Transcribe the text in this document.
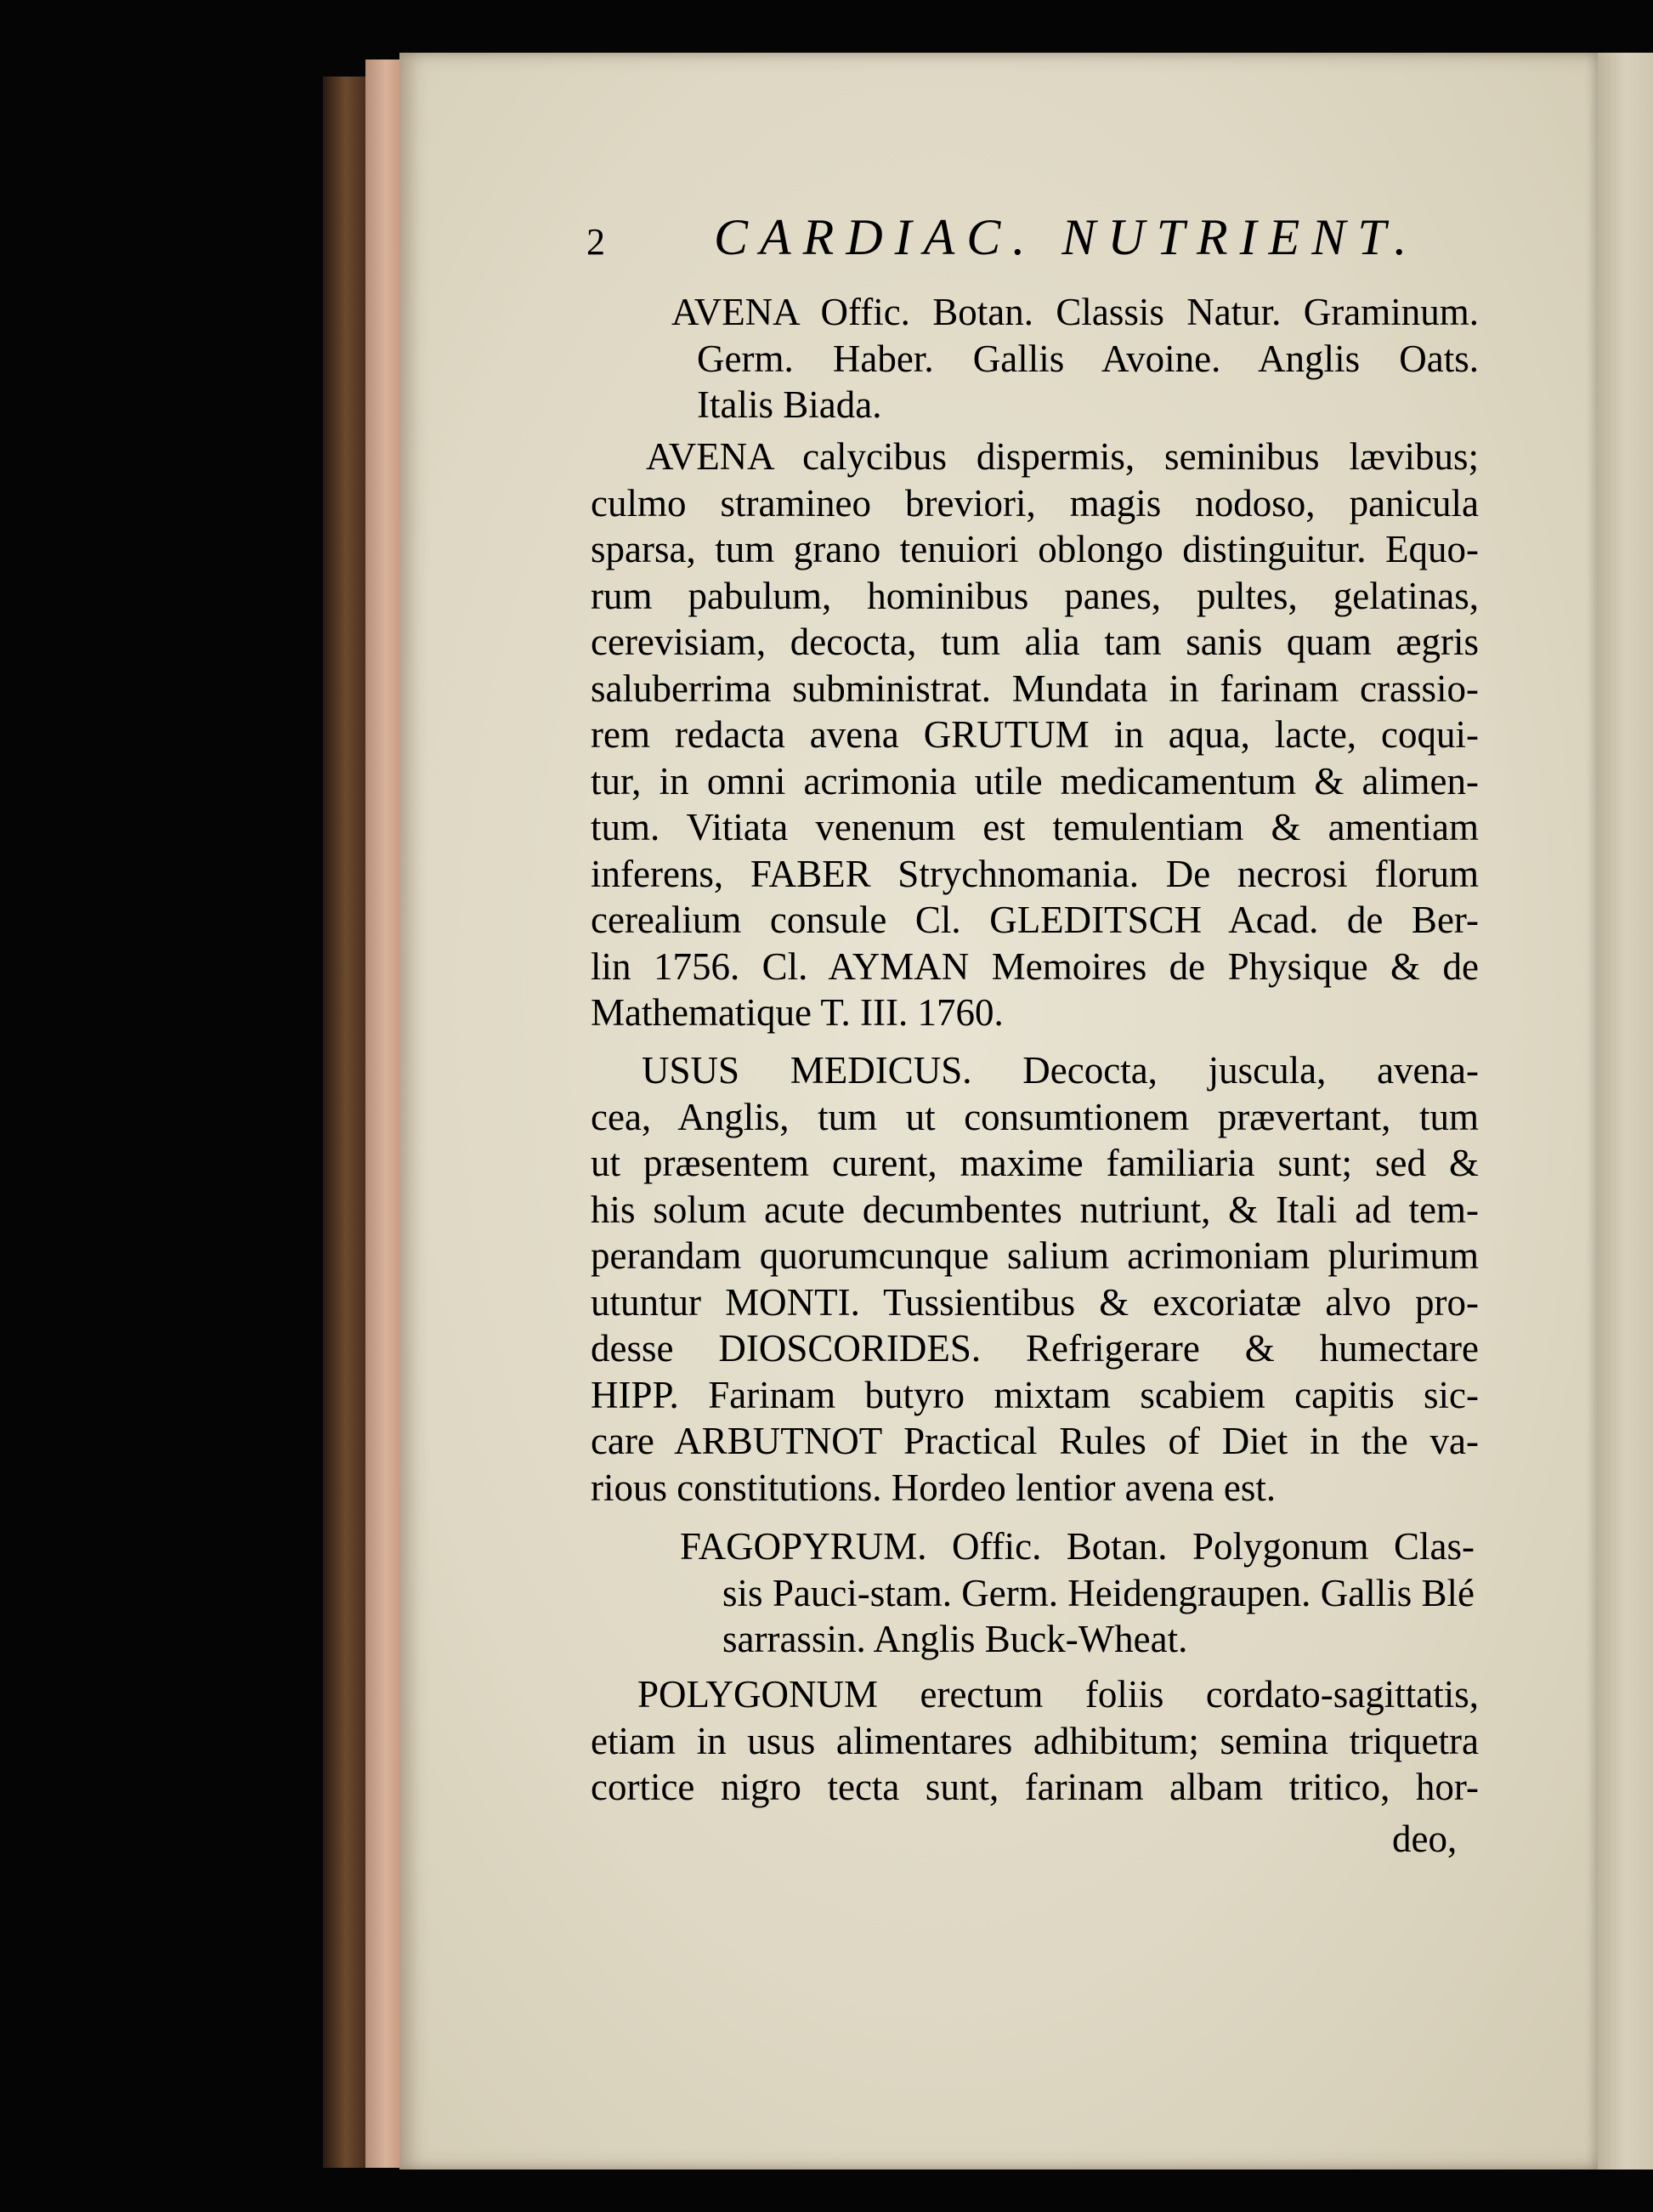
2 CARDIAC. NUTRIENT.
AVENA Offic. Botan. Classis Natur. Graminum.
Germ. Haber. Gallis Avoine. Anglis Oats.
Italis Biada.
AVENA calycibus dispermis, seminibus lævibus;
culmo stramineo breviori, magis nodoso, panicula
sparsa, tum grano tenuiori oblongo distinguitur. Equo-
rum pabulum, hominibus panes, pultes, gelatinas,
cerevisiam, decocta, tum alia tam sanis quam ægris
saluberrima subministrat. Mundata in farinam crassio-
rem redacta avena GRUTUM in aqua, lacte, coqui-
tur, in omni acrimonia utile medicamentum & alimen-
tum. Vitiata venenum est temulentiam & amentiam
inferens, FABER Strychnomania. De necrosi florum
cerealium consule Cl. GLEDITSCH Acad. de Ber-
lin 1756. Cl. AYMAN Memoires de Physique & de
Mathematique T. III. 1760.
USUS MEDICUS. Decocta, juscula, avena-
cea, Anglis, tum ut consumtionem prævertant, tum
ut præsentem curent, maxime familiaria sunt; sed &
his solum acute decumbentes nutriunt, & Itali ad tem-
perandam quorumcunque salium acrimoniam plurimum
utuntur MONTI. Tussientibus & excoriatæ alvo pro-
desse DIOSCORIDES. Refrigerare & humectare
HIPP. Farinam butyro mixtam scabiem capitis sic-
care ARBUTNOT Practical Rules of Diet in the va-
rious constitutions. Hordeo lentior avena est.
FAGOPYRUM. Offic. Botan. Polygonum Clas-
sis Pauci-stam. Germ. Heidengraupen. Gallis Blé
sarrassin. Anglis Buck-Wheat.
POLYGONUM erectum foliis cordato-sagittatis,
etiam in usus alimentares adhibitum; semina triquetra
cortice nigro tecta sunt, farinam albam tritico, hor-
deo,
